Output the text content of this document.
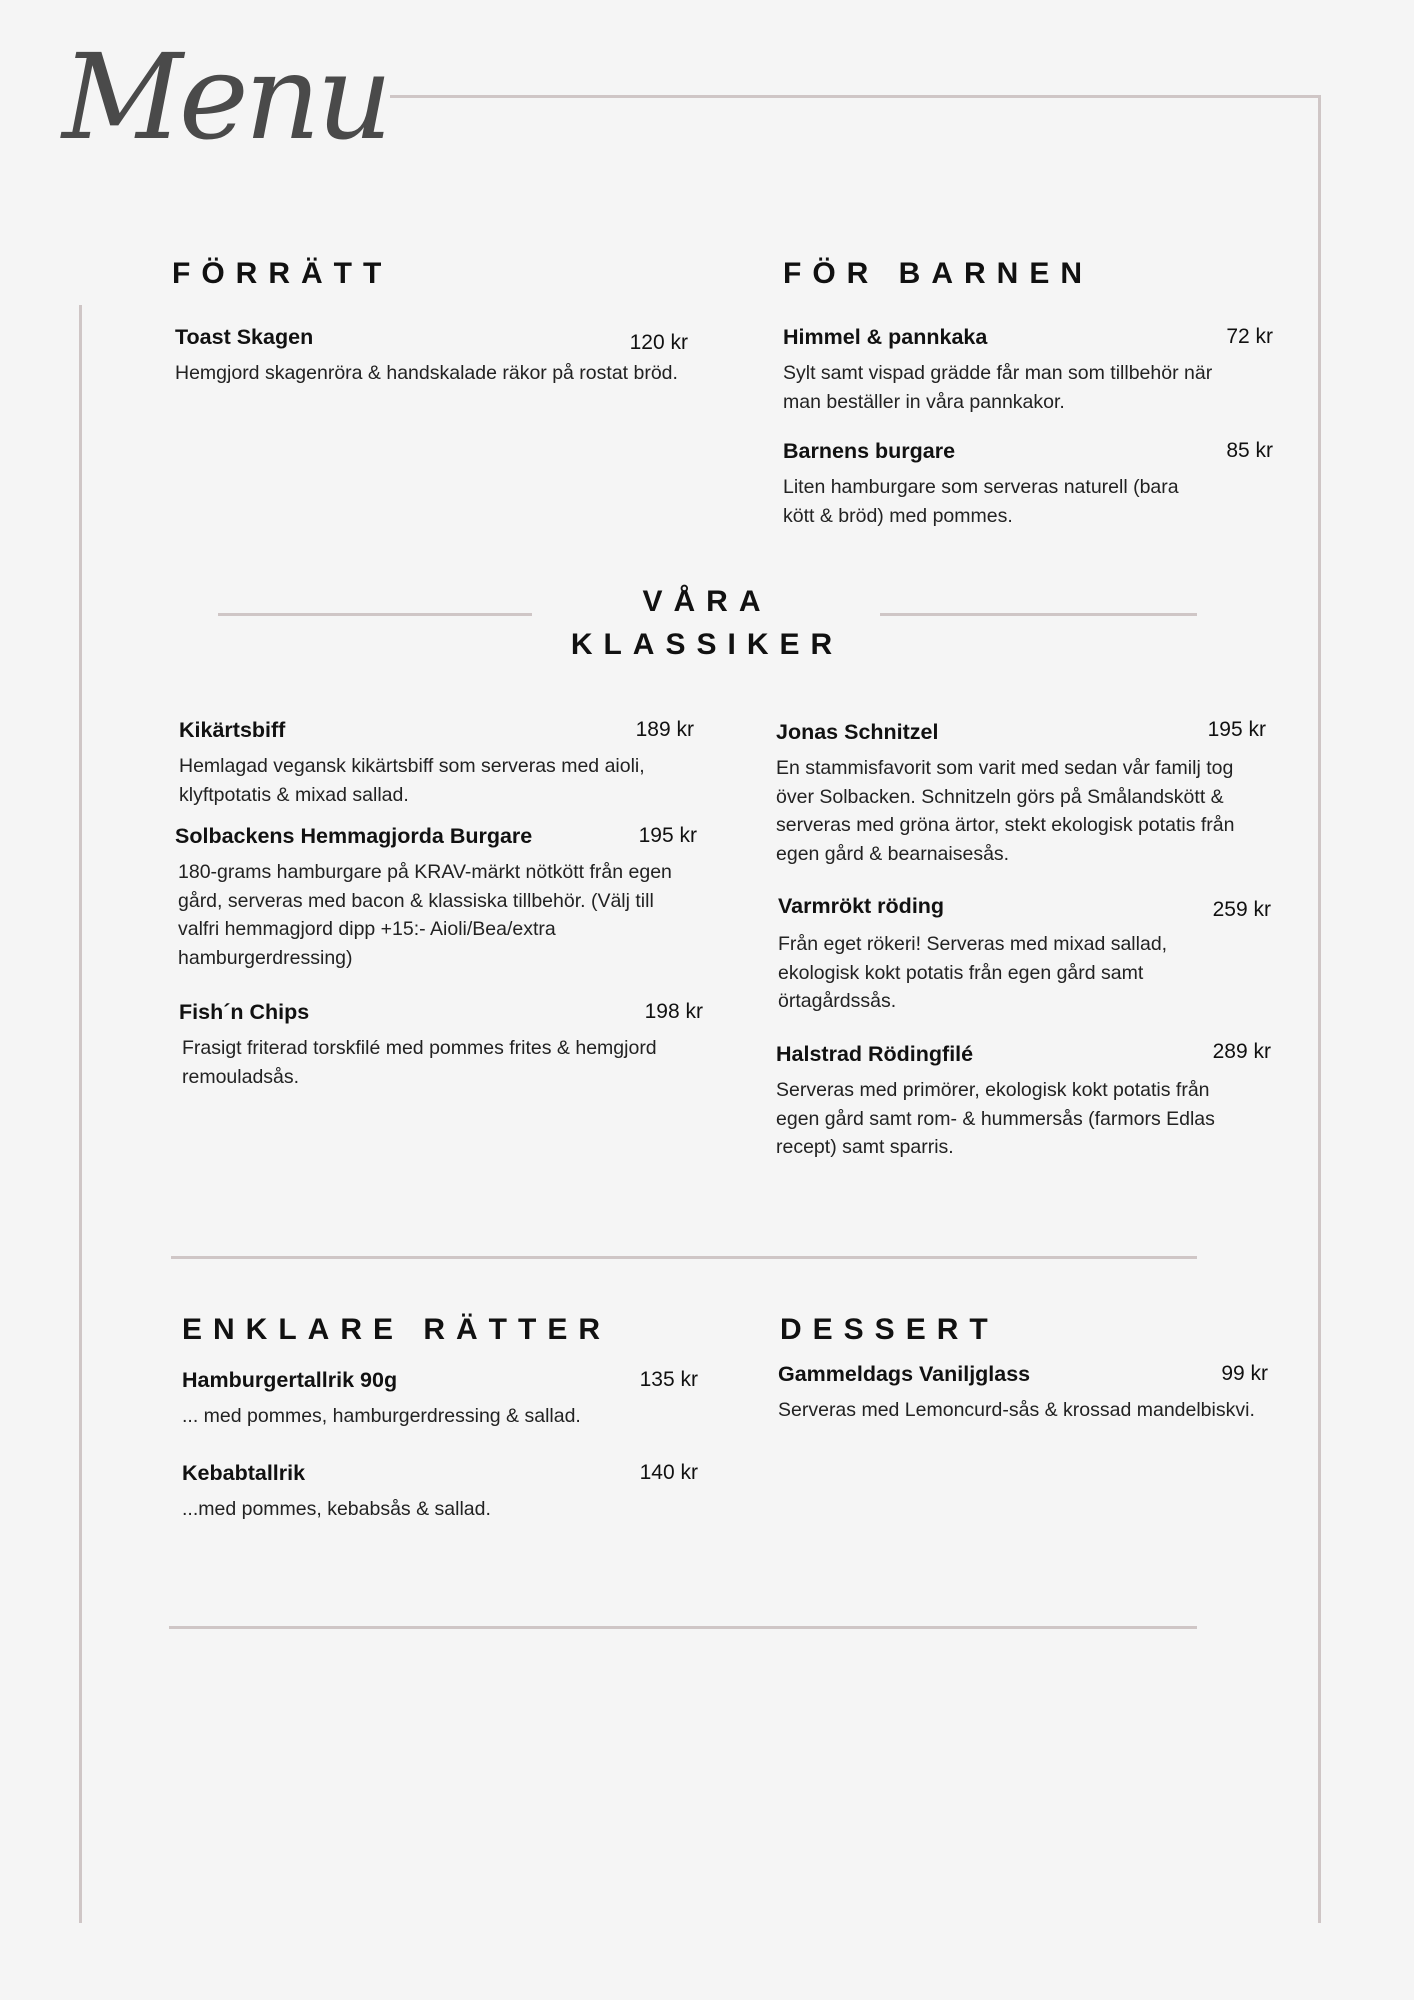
Menu
FÖRRÄTT
Toast Skagen	120 kr
Hemgjord skagenröra & handskalade räkor på rostat bröd.
FÖR BARNEN
Himmel & pannkaka	72 kr
Sylt samt vispad grädde får man som tillbehör när man beställer in våra pannkakor.
Barnens burgare	85 kr
Liten hamburgare som serveras naturell (bara kött & bröd) med pommes.
VÅRA
KLASSIKER
Kikärtsbiff	189 kr
Hemlagad vegansk kikärtsbiff som serveras med aioli, klyftpotatis & mixad sallad.
Solbackens Hemmagjorda Burgare	195 kr
180-grams hamburgare på KRAV-märkt nötkött från egen gård, serveras med bacon & klassiska tillbehör. (Välj till valfri hemmagjord dipp +15:- Aioli/Bea/extra hamburgerdressing)
Fish´n Chips	198 kr
Frasigt friterad torskfilé med pommes frites & hemgjord remouladsås.
Jonas Schnitzel	195 kr
En stammisfavorit som varit med sedan vår familj tog över Solbacken. Schnitzeln görs på Smålandskött & serveras med gröna ärtor, stekt ekologisk potatis från egen gård & bearnaisesås.
Varmrökt röding	259 kr
Från eget rökeri! Serveras med mixad sallad, ekologisk kokt potatis från egen gård samt örtagårdssås.
Halstrad Rödingfilé	289 kr
Serveras med primörer, ekologisk kokt potatis från egen gård samt rom- & hummersås (farmors Edlas recept) samt sparris.
ENKLARE RÄTTER
Hamburgertallrik 90g	135 kr
... med pommes, hamburgerdressing & sallad.
Kebabtallrik	140 kr
...med pommes, kebabsås & sallad.
DESSERT
Gammeldags Vaniljglass	99 kr
Serveras med Lemoncurd-sås & krossad mandelbiskvi.
